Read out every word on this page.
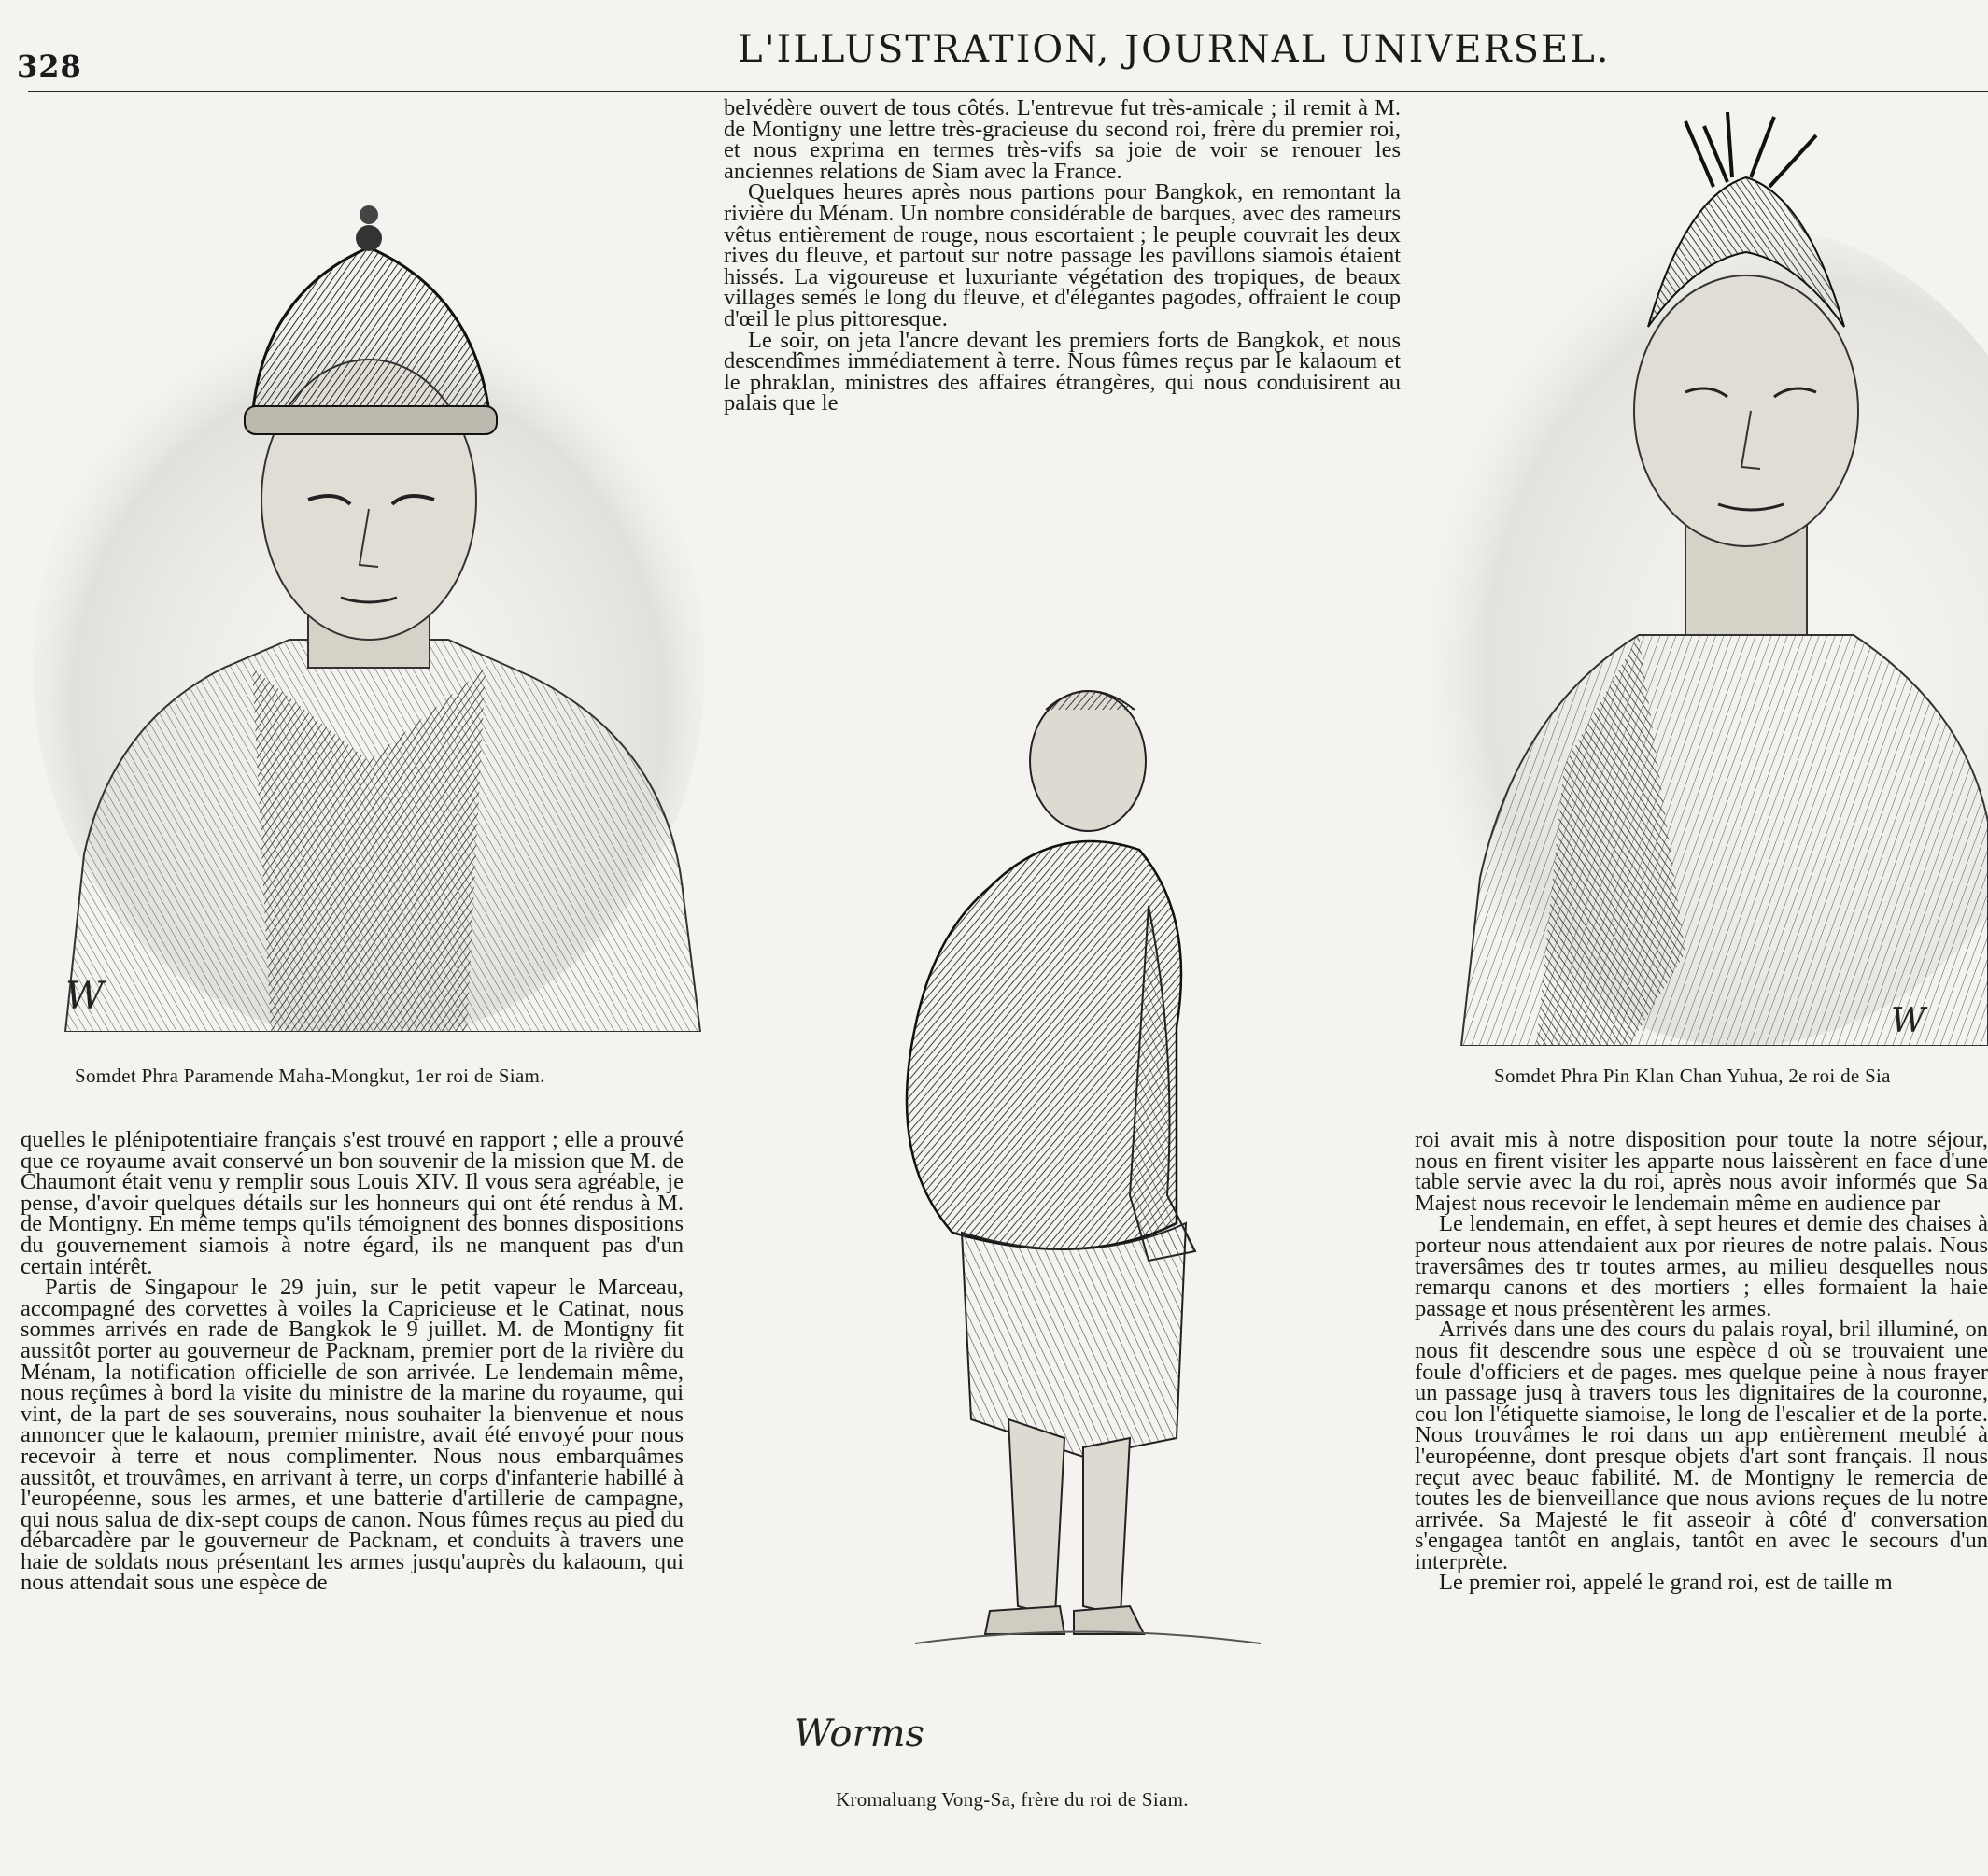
328	L'ILLUSTRATION, JOURNAL UNIVERSEL.
W
Somdet Phra Paramende Maha-Mongkut, 1er roi de Siam.

belvédère ouvert de tous côtés. L'entrevue fut très-amicale ; il remit à M. de Montigny une lettre très-gracieuse du second roi, frère du premier roi, et nous exprima en termes très-vifs sa joie de voir se renouer les anciennes relations de Siam avec la France.

Quelques heures après nous partions pour Bangkok, en remontant la rivière du Ménam. Un nombre considérable de barques, avec des rameurs vêtus entièrement de rouge, nous escortaient ; le peuple couvrait les deux rives du fleuve, et partout sur notre passage les pavillons siamois étaient hissés. La vigoureuse et luxuriante végétation des tropiques, de beaux villages semés le long du fleuve, et d'élégantes pagodes, offraient le coup d'œil le plus pittoresque.

Le soir, on jeta l'ancre devant les premiers forts de Bangkok, et nous descendîmes immédiatement à terre. Nous fûmes reçus par le kalaoum et le phraklan, ministres des affaires étrangères, qui nous conduisirent au palais que le

Worms
Kromaluang Vong-Sa, frère du roi de Siam.
W
Somdet Phra Pin Klan Chan Yuhua, 2e roi de Sia

quelles le plénipotentiaire français s'est trouvé en rapport ; elle a prouvé que ce royaume avait conservé un bon souvenir de la mission que M. de Chaumont était venu y remplir sous Louis XIV. Il vous sera agréable, je pense, d'avoir quelques détails sur les honneurs qui ont été rendus à M. de Montigny. En même temps qu'ils témoignent des bonnes dispositions du gouvernement siamois à notre égard, ils ne manquent pas d'un certain intérêt.

Partis de Singapour le 29 juin, sur le petit vapeur le Marceau, accompagné des corvettes à voiles la Capricieuse et le Catinat, nous sommes arrivés en rade de Bangkok le 9 juillet. M. de Montigny fit aussitôt porter au gouverneur de Packnam, premier port de la rivière du Ménam, la notification officielle de son arrivée. Le lendemain même, nous reçûmes à bord la visite du ministre de la marine du royaume, qui vint, de la part de ses souverains, nous souhaiter la bienvenue et nous annoncer que le kalaoum, premier ministre, avait été envoyé pour nous recevoir à terre et nous complimenter. Nous nous embarquâmes aussitôt, et trouvâmes, en arrivant à terre, un corps d'infanterie habillé à l'européenne, sous les armes, et une batterie d'artillerie de campagne, qui nous salua de dix-sept coups de canon. Nous fûmes reçus au pied du débarcadère par le gouverneur de Packnam, et conduits à travers une haie de soldats nous présentant les armes jusqu'auprès du kalaoum, qui nous attendait sous une espèce de

roi avait mis à notre disposition pour toute la notre séjour, nous en firent visiter les apparte nous laissèrent en face d'une table servie avec la du roi, après nous avoir informés que Sa Majest nous recevoir le lendemain même en audience par

Le lendemain, en effet, à sept heures et demie des chaises à porteur nous attendaient aux por rieures de notre palais. Nous traversâmes des tr toutes armes, au milieu desquelles nous remarqu canons et des mortiers ; elles formaient la haie passage et nous présentèrent les armes.

Arrivés dans une des cours du palais royal, bril illuminé, on nous fit descendre sous une espèce d où se trouvaient une foule d'officiers et de pages. mes quelque peine à nous frayer un passage jusq à travers tous les dignitaires de la couronne, cou lon l'étiquette siamoise, le long de l'escalier et de la porte. Nous trouvâmes le roi dans un app entièrement meublé à l'européenne, dont presque objets d'art sont français. Il nous reçut avec beauc fabilité. M. de Montigny le remercia de toutes les de bienveillance que nous avions reçues de lu notre arrivée. Sa Majesté le fit asseoir à côté d' conversation s'engagea tantôt en anglais, tantôt en avec le secours d'un interprète.

Le premier roi, appelé le grand roi, est de taille m
